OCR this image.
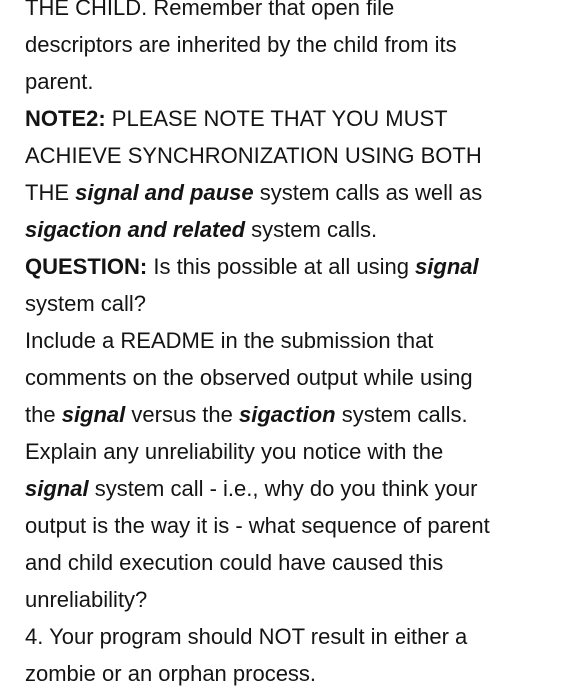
THE CHILD. Remember that open file
descriptors are inherited by the child from its
parent.
NOTE2: PLEASE NOTE THAT YOU MUST
ACHIEVE SYNCHRONIZATION USING BOTH
THE signal and pause system calls as well as
sigaction and related system calls.
QUESTION: Is this possible at all using signal
system call?
Include a README in the submission that
comments on the observed output while using
the signal versus the sigaction system calls.
Explain any unreliability you notice with the
signal system call - i.e., why do you think your
output is the way it is - what sequence of parent
and child execution could have caused this
unreliability?
4. Your program should NOT result in either a
zombie or an orphan process.
